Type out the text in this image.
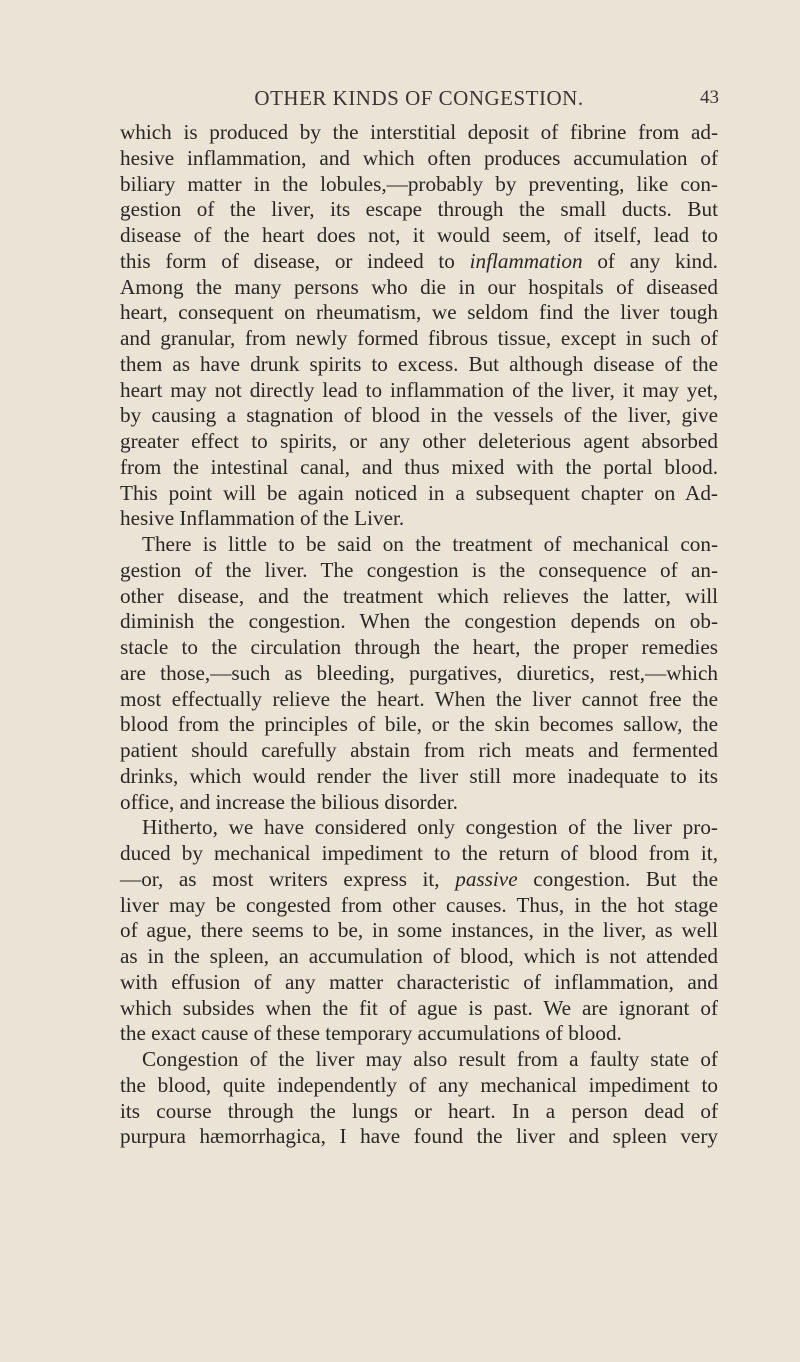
OTHER KINDS OF CONGESTION.	43
which is produced by the interstitial deposit of fibrine from ad-
hesive inflammation, and which often produces accumulation of
biliary matter in the lobules,—probably by preventing, like con-
gestion of the liver, its escape through the small ducts. But
disease of the heart does not, it would seem, of itself, lead to
this form of disease, or indeed to inflammation of any kind.
Among the many persons who die in our hospitals of diseased
heart, consequent on rheumatism, we seldom find the liver tough
and granular, from newly formed fibrous tissue, except in such of
them as have drunk spirits to excess. But although disease of the
heart may not directly lead to inflammation of the liver, it may yet,
by causing a stagnation of blood in the vessels of the liver, give
greater effect to spirits, or any other deleterious agent absorbed
from the intestinal canal, and thus mixed with the portal blood.
This point will be again noticed in a subsequent chapter on Ad-
hesive Inflammation of the Liver.
There is little to be said on the treatment of mechanical con-
gestion of the liver. The congestion is the consequence of an-
other disease, and the treatment which relieves the latter, will
diminish the congestion. When the congestion depends on ob-
stacle to the circulation through the heart, the proper remedies
are those,—such as bleeding, purgatives, diuretics, rest,—which
most effectually relieve the heart. When the liver cannot free the
blood from the principles of bile, or the skin becomes sallow, the
patient should carefully abstain from rich meats and fermented
drinks, which would render the liver still more inadequate to its
office, and increase the bilious disorder.
Hitherto, we have considered only congestion of the liver pro-
duced by mechanical impediment to the return of blood from it,
—or, as most writers express it, passive congestion. But the
liver may be congested from other causes. Thus, in the hot stage
of ague, there seems to be, in some instances, in the liver, as well
as in the spleen, an accumulation of blood, which is not attended
with effusion of any matter characteristic of inflammation, and
which subsides when the fit of ague is past. We are ignorant of
the exact cause of these temporary accumulations of blood.
Congestion of the liver may also result from a faulty state of
the blood, quite independently of any mechanical impediment to
its course through the lungs or heart. In a person dead of
purpura hæmorrhagica, I have found the liver and spleen very
